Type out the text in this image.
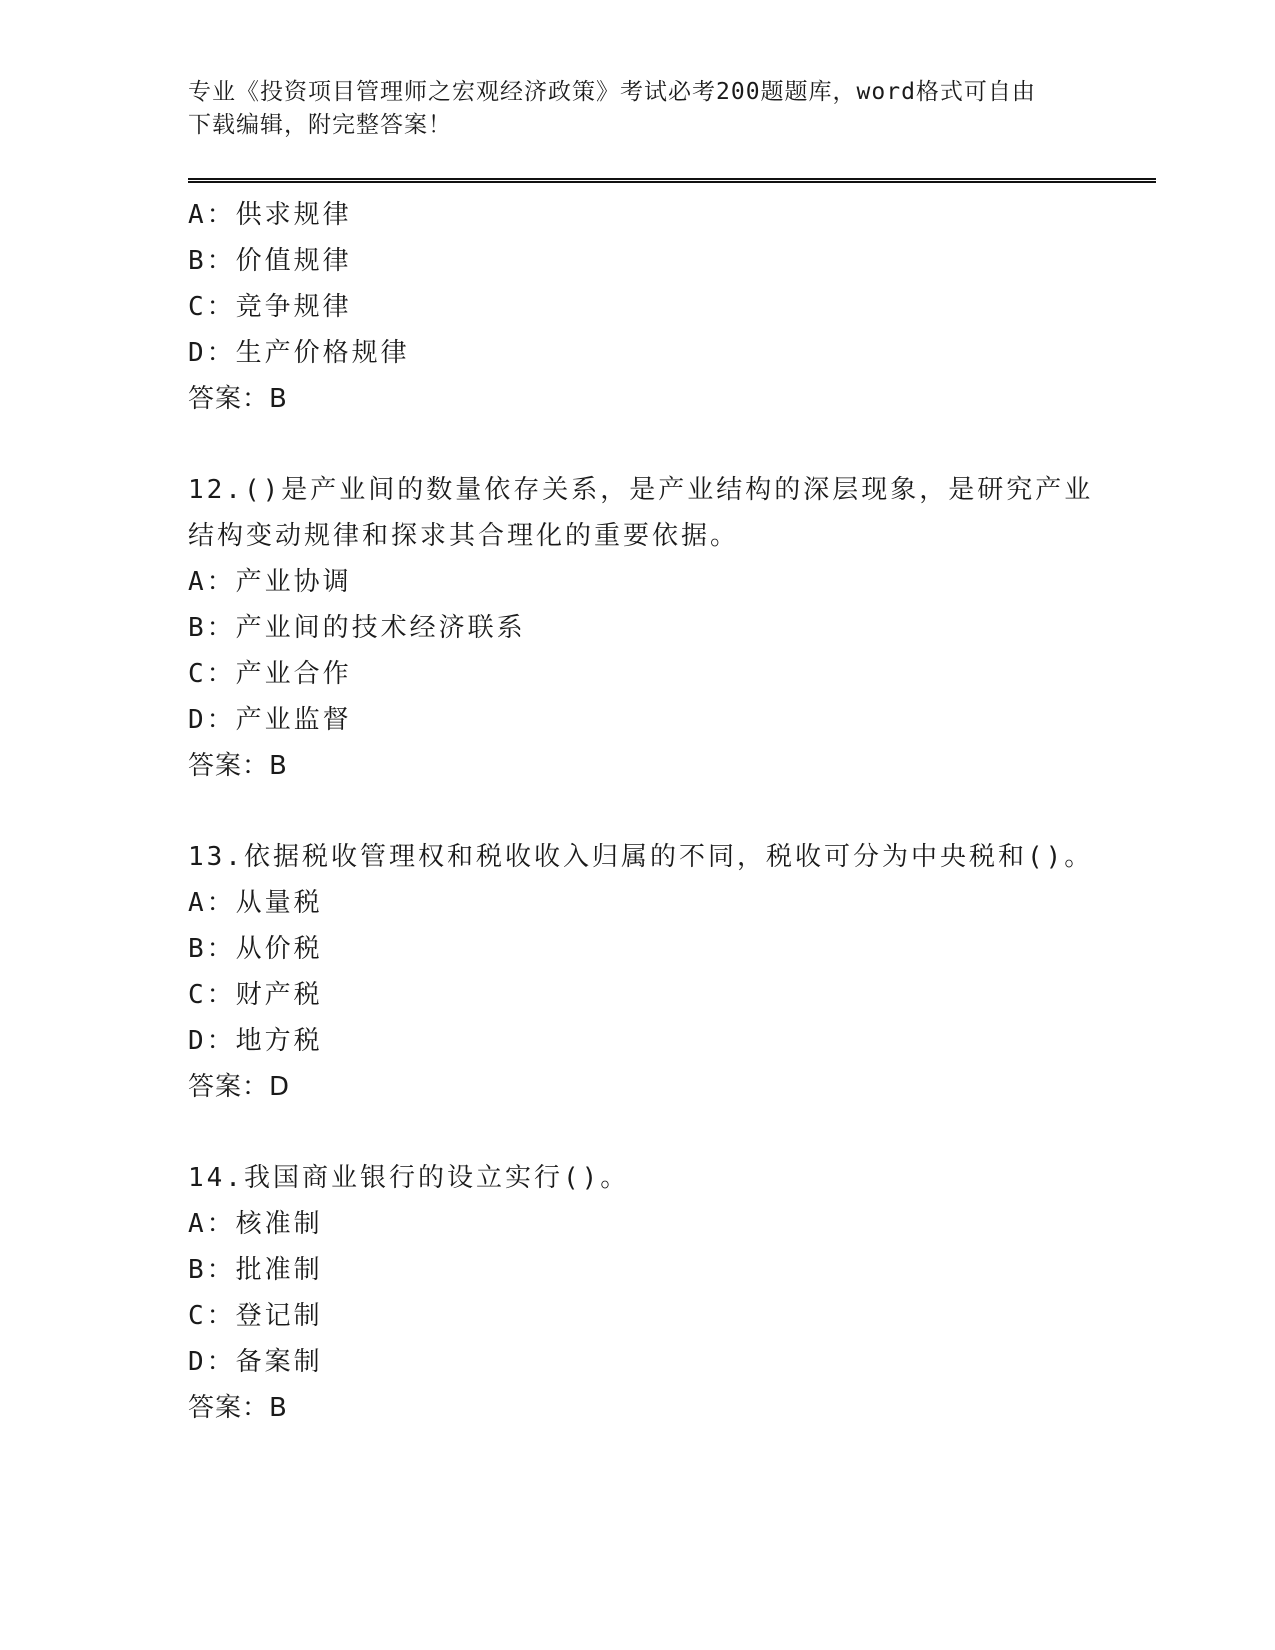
专业《投资项目管理师之宏观经济政策》考试必考200题题库，word格式可自由
下载编辑，附完整答案！
A：供求规律
B：价值规律
C：竞争规律
D：生产价格规律
答案：B
12.()是产业间的数量依存关系，是产业结构的深层现象，是研究产业
结构变动规律和探求其合理化的重要依据。
A：产业协调
B：产业间的技术经济联系
C：产业合作
D：产业监督
答案：B
13.依据税收管理权和税收收入归属的不同，税收可分为中央税和()。
A：从量税
B：从价税
C：财产税
D：地方税
答案：D
14.我国商业银行的设立实行()。
A：核准制
B：批准制
C：登记制
D：备案制
答案：B
